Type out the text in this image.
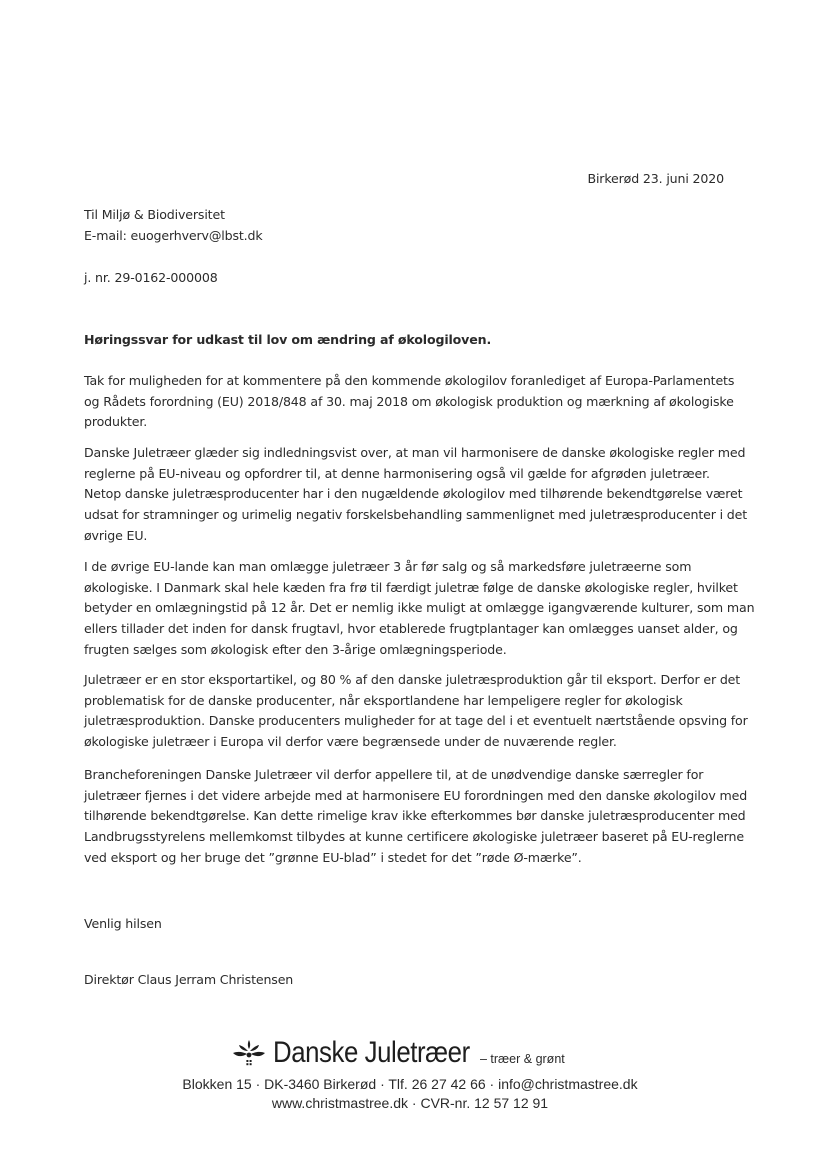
Birkerød 23. juni 2020
Til Miljø & Biodiversitet
E-mail: euogerhverv@lbst.dk
j. nr. 29-0162-000008
Høringssvar for udkast til lov om ændring af økologiloven.
Tak for muligheden for at kommentere på den kommende økologilov foranlediget af Europa-Parlamentets
og Rådets forordning (EU) 2018/848 af 30. maj 2018 om økologisk produktion og mærkning af økologiske
produkter.
Danske Juletræer glæder sig indledningsvist over, at man vil harmonisere de danske økologiske regler med
reglerne på EU-niveau og opfordrer til, at denne harmonisering også vil gælde for afgrøden juletræer.
Netop danske juletræsproducenter har i den nugældende økologilov med tilhørende bekendtgørelse været
udsat for stramninger og urimelig negativ forskelsbehandling sammenlignet med juletræsproducenter i det
øvrige EU.
I de øvrige EU-lande kan man omlægge juletræer 3 år før salg og så markedsføre juletræerne som
økologiske. I Danmark skal hele kæden fra frø til færdigt juletræ følge de danske økologiske regler, hvilket
betyder en omlægningstid på 12 år. Det er nemlig ikke muligt at omlægge igangværende kulturer, som man
ellers tillader det inden for dansk frugtavl, hvor etablerede frugtplantager kan omlægges uanset alder, og
frugten sælges som økologisk efter den 3-årige omlægningsperiode.
Juletræer er en stor eksportartikel, og 80 % af den danske juletræsproduktion går til eksport. Derfor er det
problematisk for de danske producenter, når eksportlandene har lempeligere regler for økologisk
juletræsproduktion. Danske producenters muligheder for at tage del i et eventuelt nærtstående opsving for
økologiske juletræer i Europa vil derfor være begrænsede under de nuværende regler.
Brancheforeningen Danske Juletræer vil derfor appellere til, at de unødvendige danske særregler for
juletræer fjernes i det videre arbejde med at harmonisere EU forordningen med den danske økologilov med
tilhørende bekendtgørelse. Kan dette rimelige krav ikke efterkommes bør danske juletræsproducenter med
Landbrugsstyrelens mellemkomst tilbydes at kunne certificere økologiske juletræer baseret på EU-reglerne
ved eksport og her bruge det ”grønne EU-blad” i stedet for det ”røde Ø-mærke”.
Venlig hilsen
Direktør Claus Jerram Christensen
Danske Juletræer – træer & grønt
Blokken 15 · DK-3460 Birkerød · Tlf. 26 27 42 66 · info@christmastree.dk
www.christmastree.dk · CVR-nr. 12 57 12 91
